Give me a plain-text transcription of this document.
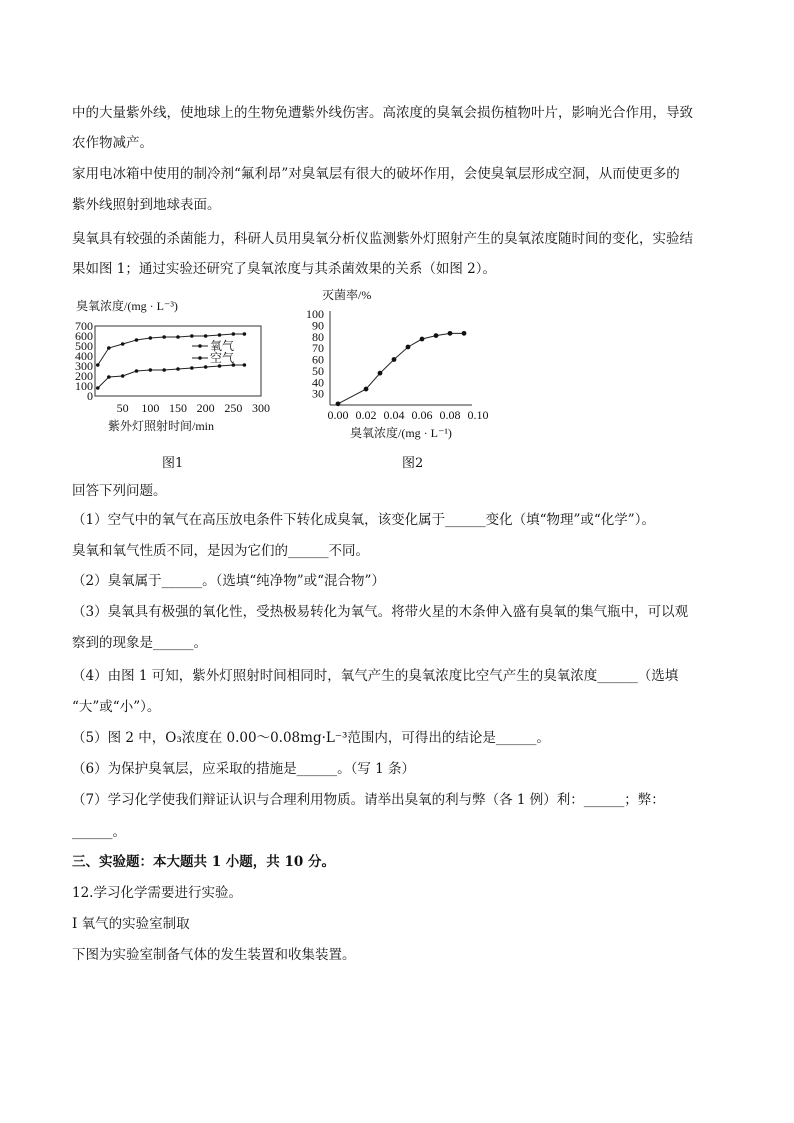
中的大量紫外线，使地球上的生物免遭紫外线伤害。高浓度的臭氧会损伤植物叶片，影响光合作用，导致
农作物减产。
家用电冰箱中使用的制冷剂“氟利昂”对臭氧层有很大的破坏作用，会使臭氧层形成空洞，从而使更多的
紫外线照射到地球表面。
臭氧具有较强的杀菌能力，科研人员用臭氧分析仪监测紫外灯照射产生的臭氧浓度随时间的变化，实验结
果如图 1；通过实验还研究了臭氧浓度与其杀菌效果的关系（如图 2）。
臭氧浓度/(mg · L⁻³)
0
100
200
300
400
500
600
700
50 100 150 200 250 300
氧气
空气
紫外灯照射时间/min
图1
灭菌率/%
30
40
50
60
70
80
90
100
0.00 0.02 0.04 0.06 0.08 0.10
臭氧浓度/(mg · L⁻¹)
图2
回答下列问题。
（1）空气中的氧气在高压放电条件下转化成臭氧，该变化属于______变化（填“物理”或“化学”）。
臭氧和氧气性质不同，是因为它们的______不同。
（2）臭氧属于______。（选填“纯净物”或“混合物”）
（3）臭氧具有极强的氧化性，受热极易转化为氧气。将带火星的木条伸入盛有臭氧的集气瓶中，可以观
察到的现象是______。
（4）由图 1 可知，紫外灯照射时间相同时，氧气产生的臭氧浓度比空气产生的臭氧浓度______（选填
“大”或“小”）。
（5）图 2 中，O₃浓度在 0.00～0.08mg·L⁻³范围内，可得出的结论是______。
（6）为保护臭氧层，应采取的措施是______。（写 1 条）
（7）学习化学使我们辩证认识与合理利用物质。请举出臭氧的利与弊（各 1 例）利：______；弊：
______。
三、实验题：本大题共 1 小题，共 10 分。
12.学习化学需要进行实验。
Ⅰ 氧气的实验室制取
下图为实验室制备气体的发生装置和收集装置。
